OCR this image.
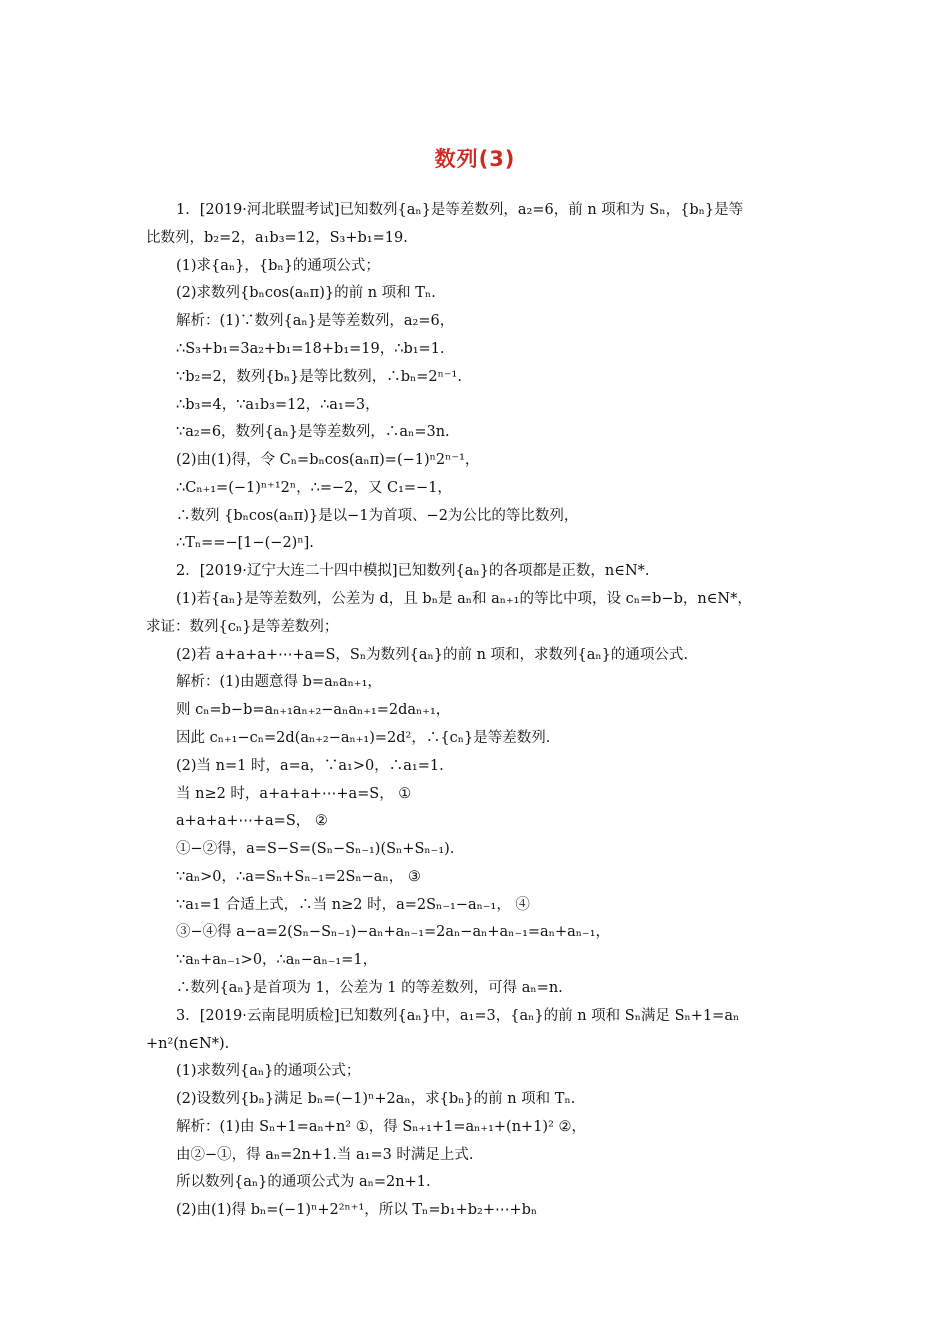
数列(3)
1．[2019·河北联盟考试]已知数列{aₙ}是等差数列，a₂=6，前 n 项和为 Sₙ，{bₙ}是等
比数列，b₂=2，a₁b₃=12，S₃+b₁=19.
(1)求{aₙ}，{bₙ}的通项公式；
(2)求数列{bₙcos(aₙπ)}的前 n 项和 Tₙ.
解析：(1)∵数列{aₙ}是等差数列，a₂=6，
∴S₃+b₁=3a₂+b₁=18+b₁=19，∴b₁=1.
∵b₂=2，数列{bₙ}是等比数列，∴bₙ=2ⁿ⁻¹.
∴b₃=4，∵a₁b₃=12，∴a₁=3，
∵a₂=6，数列{aₙ}是等差数列，∴aₙ=3n.
(2)由(1)得，令 Cₙ=bₙcos(aₙπ)=(−1)ⁿ2ⁿ⁻¹，
∴Cₙ₊₁=(−1)ⁿ⁺¹2ⁿ，∴=−2，又 C₁=−1，
∴数列 {bₙcos(aₙπ)}是以−1为首项、−2为公比的等比数列，
∴Tₙ==−[1−(−2)ⁿ].
2．[2019·辽宁大连二十四中模拟]已知数列{aₙ}的各项都是正数，n∈N*.
(1)若{aₙ}是等差数列，公差为 d，且 bₙ是 aₙ和 aₙ₊₁的等比中项，设 cₙ=b−b，n∈N*，
求证：数列{cₙ}是等差数列；
(2)若 a+a+a+⋯+a=S，Sₙ为数列{aₙ}的前 n 项和，求数列{aₙ}的通项公式.
解析：(1)由题意得 b=aₙaₙ₊₁，
则 cₙ=b−b=aₙ₊₁aₙ₊₂−aₙaₙ₊₁=2daₙ₊₁，
因此 cₙ₊₁−cₙ=2d(aₙ₊₂−aₙ₊₁)=2d²，∴{cₙ}是等差数列.
(2)当 n=1 时，a=a，∵a₁>0，∴a₁=1.
当 n≥2 时，a+a+a+⋯+a=S， ①
a+a+a+⋯+a=S， ②
①−②得，a=S−S=(Sₙ−Sₙ₋₁)(Sₙ+Sₙ₋₁).
∵aₙ>0，∴a=Sₙ+Sₙ₋₁=2Sₙ−aₙ， ③
∵a₁=1 合适上式，∴当 n≥2 时，a=2Sₙ₋₁−aₙ₋₁， ④
③−④得 a−a=2(Sₙ−Sₙ₋₁)−aₙ+aₙ₋₁=2aₙ−aₙ+aₙ₋₁=aₙ+aₙ₋₁，
∵aₙ+aₙ₋₁>0，∴aₙ−aₙ₋₁=1，
∴数列{aₙ}是首项为 1，公差为 1 的等差数列，可得 aₙ=n.
3．[2019·云南昆明质检]已知数列{aₙ}中，a₁=3，{aₙ}的前 n 项和 Sₙ满足 Sₙ+1=aₙ
+n²(n∈N*).
(1)求数列{aₙ}的通项公式；
(2)设数列{bₙ}满足 bₙ=(−1)ⁿ+2aₙ，求{bₙ}的前 n 项和 Tₙ.
解析：(1)由 Sₙ+1=aₙ+n² ①，得 Sₙ₊₁+1=aₙ₊₁+(n+1)² ②，
由②−①，得 aₙ=2n+1.当 a₁=3 时满足上式.
所以数列{aₙ}的通项公式为 aₙ=2n+1.
(2)由(1)得 bₙ=(−1)ⁿ+2²ⁿ⁺¹，所以 Tₙ=b₁+b₂+⋯+bₙ
